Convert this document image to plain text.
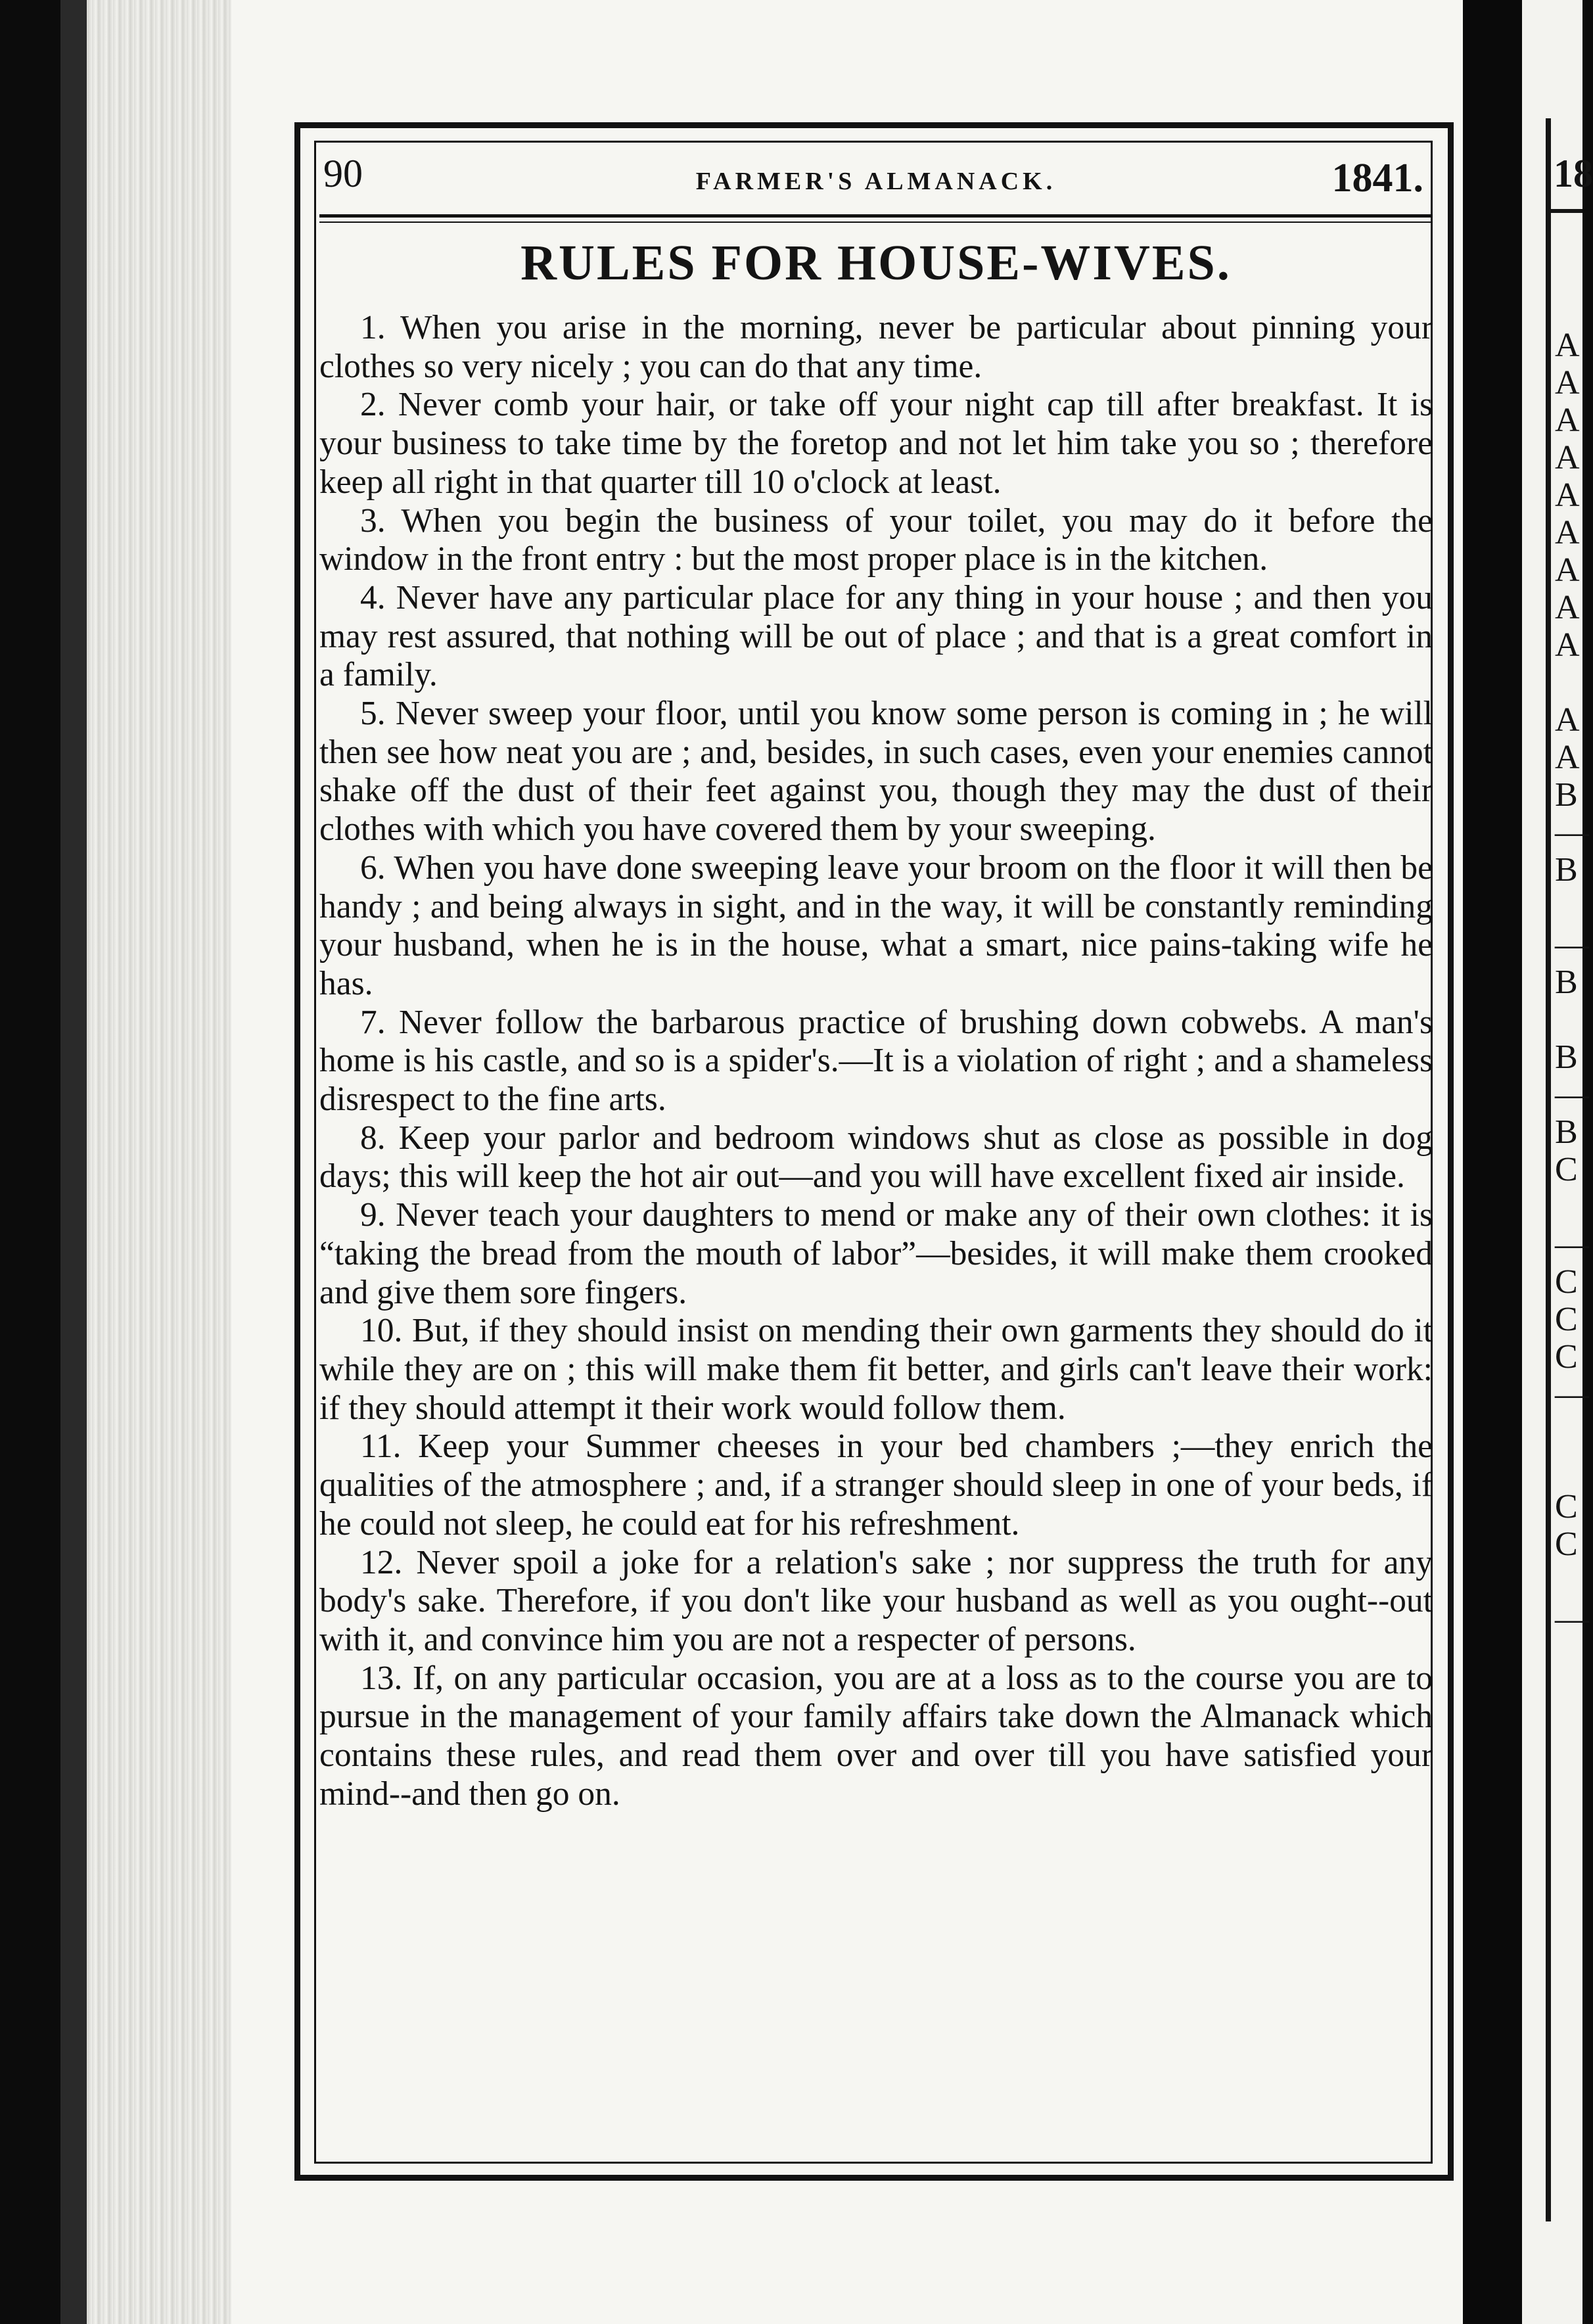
18
A
A
A
A
A
A
A
A
A
A
A
B
—
B
—
B
B
—
B
C
—
C
C
C
—
C
C
—
90	FARMER'S ALMANACK.	1841.
RULES FOR HOUSE-WIVES.

1. When you arise in the morning, never be particular about pinning your clothes so very nicely ; you can do that any time.

2. Never comb your hair, or take off your night cap till after breakfast. It is your business to take time by the foretop and not let him take you so ; therefore keep all right in that quarter till 10 o'clock at least.

3. When you begin the business of your toilet, you may do it before the window in the front entry : but the most proper place is in the kitchen.

4. Never have any particular place for any thing in your house ; and then you may rest assured, that nothing will be out of place ; and that is a great comfort in a family.

5. Never sweep your floor, until you know some person is coming in ; he will then see how neat you are ; and, besides, in such cases, even your enemies cannot shake off the dust of their feet against you, though they may the dust of their clothes with which you have covered them by your sweeping.

6. When you have done sweeping leave your broom on the floor it will then be handy ; and being always in sight, and in the way, it will be constantly reminding your husband, when he is in the house, what a smart, nice pains-taking wife he has.

7. Never follow the barbarous practice of brushing down cobwebs. A man's home is his castle, and so is a spider's.—It is a violation of right ; and a shameless disrespect to the fine arts.

8. Keep your parlor and bedroom windows shut as close as possible in dog days; this will keep the hot air out—and you will have excellent fixed air inside.

9. Never teach your daughters to mend or make any of their own clothes: it is “taking the bread from the mouth of labor”—besides, it will make them crooked and give them sore fingers.

10. But, if they should insist on mending their own garments they should do it while they are on ; this will make them fit better, and girls can't leave their work: if they should attempt it their work would follow them.

11. Keep your Summer cheeses in your bed chambers ;—they enrich the qualities of the atmosphere ; and, if a stranger should sleep in one of your beds, if he could not sleep, he could eat for his refreshment.

12. Never spoil a joke for a relation's sake ; nor suppress the truth for any body's sake. Therefore, if you don't like your husband as well as you ought--out with it, and convince him you are not a respecter of persons.

13. If, on any particular occasion, you are at a loss as to the course you are to pursue in the management of your family affairs take down the Almanack which contains these rules, and read them over and over till you have satisfied your mind--and then go on.
